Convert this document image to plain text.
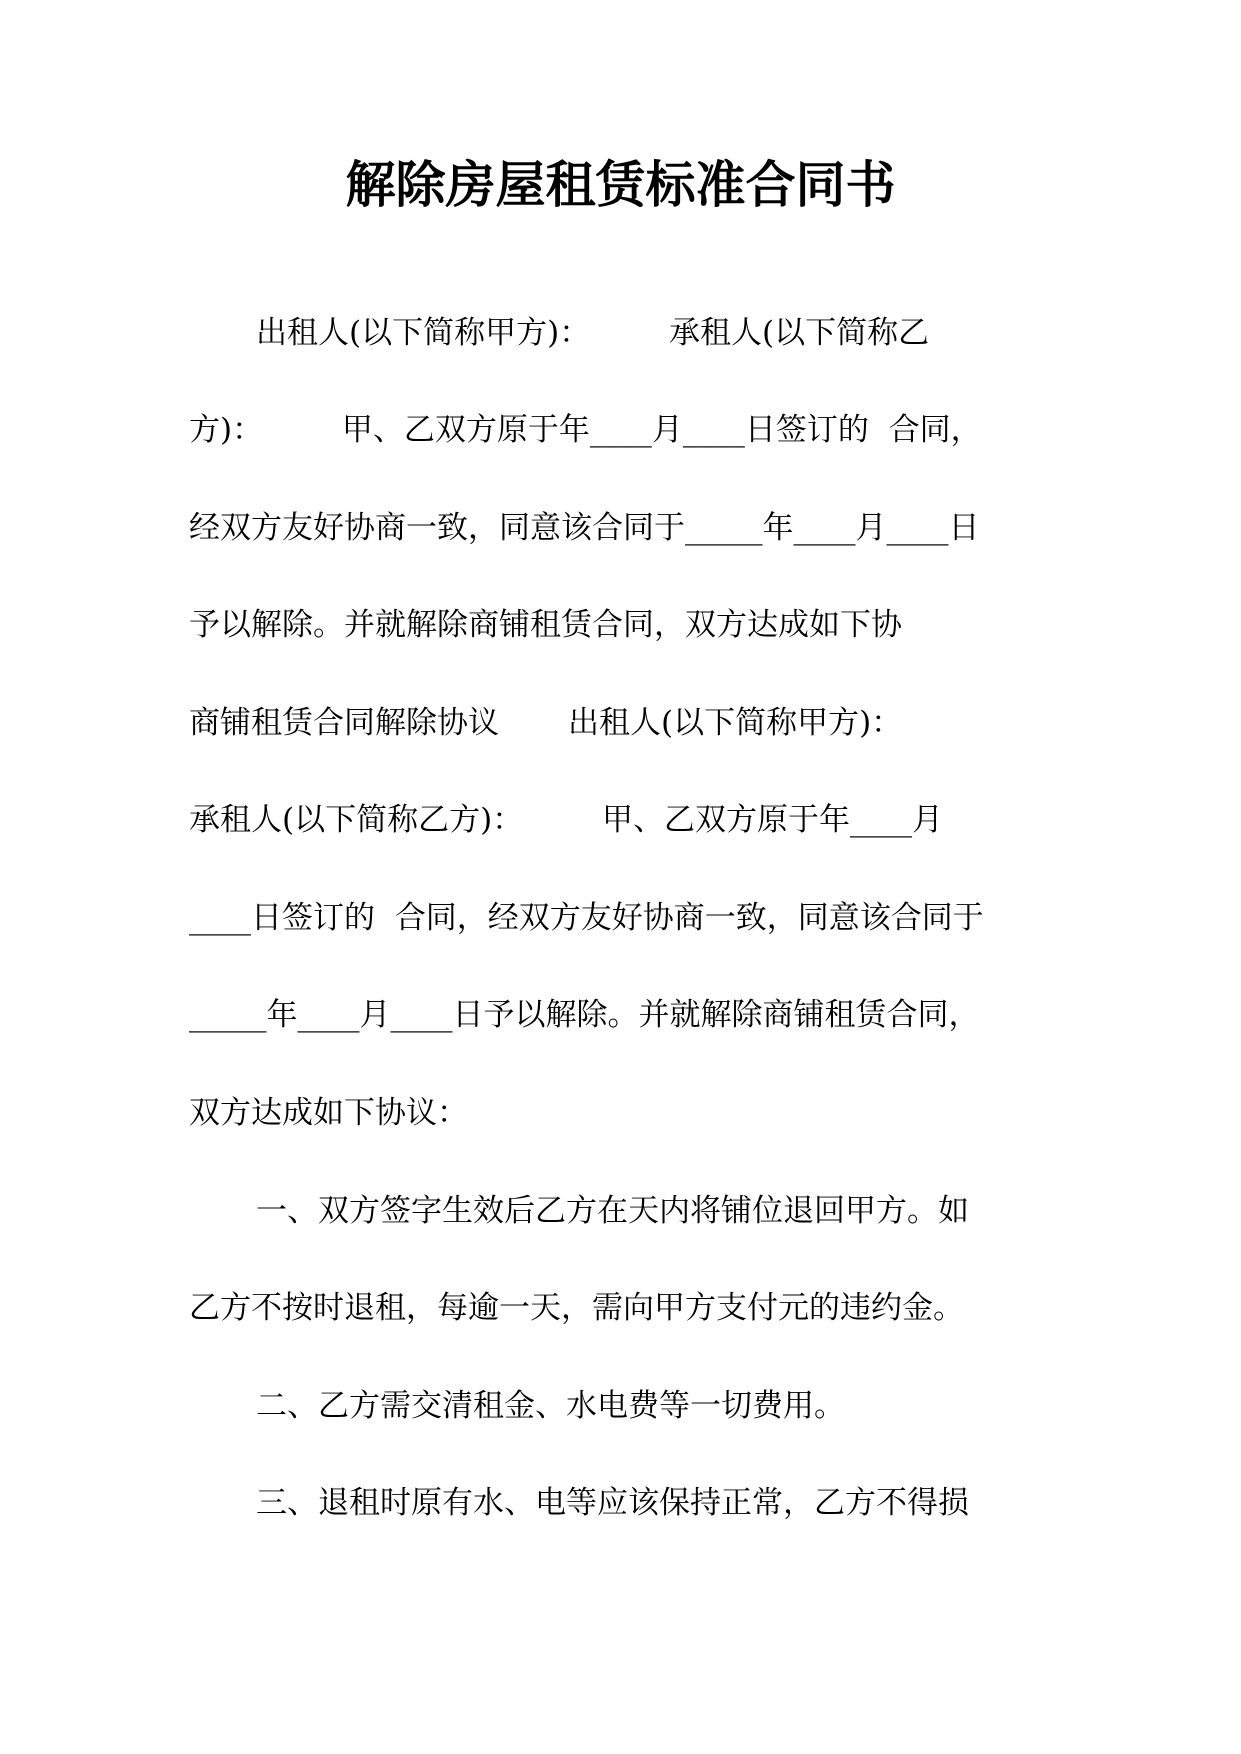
解除房屋租赁标准合同书
出租人(以下简称甲方)：        承租人(以下简称乙
方)：        甲、乙双方原于年____月____日签订的  合同，
经双方友好协商一致，同意该合同于_____年____月____日
予以解除。并就解除商铺租赁合同，双方达成如下协
商铺租赁合同解除协议       出租人(以下简称甲方)：
承租人(以下简称乙方)：        甲、乙双方原于年____月
____日签订的  合同，经双方友好协商一致，同意该合同于
_____年____月____日予以解除。并就解除商铺租赁合同，
双方达成如下协议：
一、双方签字生效后乙方在天内将铺位退回甲方。如
乙方不按时退租，每逾一天，需向甲方支付元的违约金。
二、乙方需交清租金、水电费等一切费用。
三、退租时原有水、电等应该保持正常，乙方不得损
